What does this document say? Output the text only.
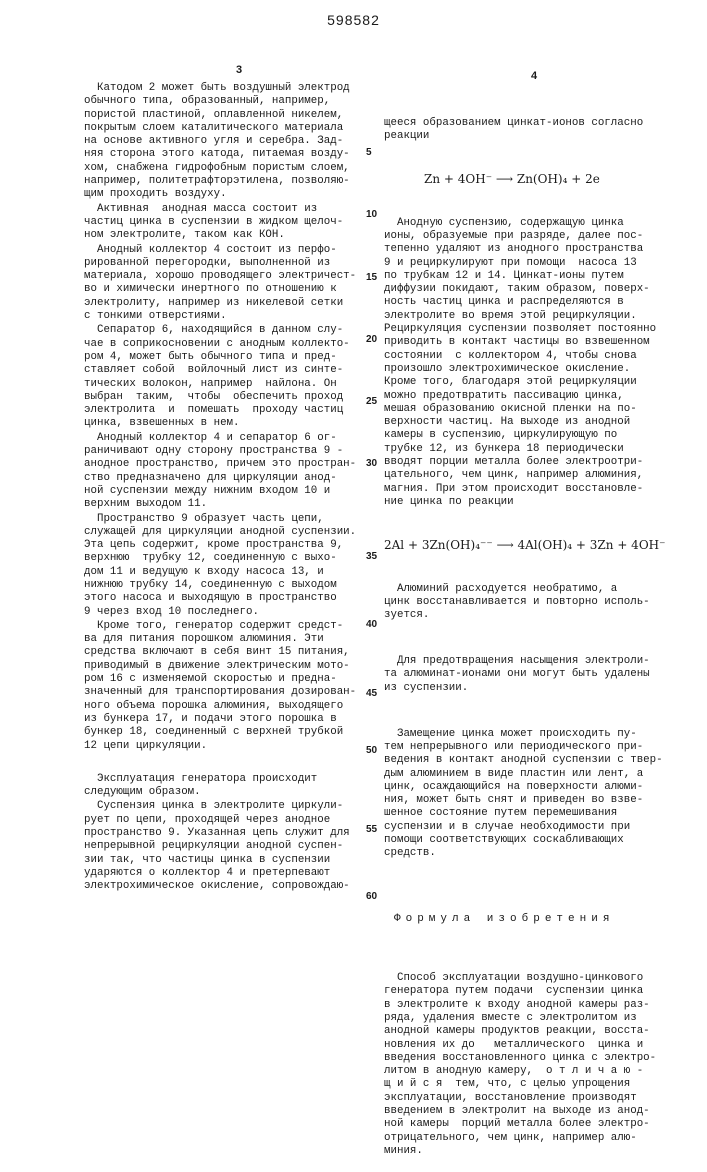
598582
3	4
5
10
15
20
25
30
35
40
45
50
55
60
Катодом 2 может быть воздушный электрод
обычного типа, образованный, например,
пористой пластиной, оплавленной никелем,
покрытым слоем каталитического материала
на основе активного угля и серебра. Зад-
няя сторона этого катода, питаемая возду-
хом, снабжена гидрофобным пористым слоем,
например, политетрафторэтилена, позволяю-
щим проходить воздуху.
Активная  анодная масса состоит из
частиц цинка в суспензии в жидком щелоч-
ном электролите, таком как КОН.
Анодный коллектор 4 состоит из перфо-
рированной перегородки, выполненной из
материала, хорошо проводящего электричест-
во и химически инертного по отношению к
электролиту, например из никелевой сетки
с тонкими отверстиями.
Сепаратор 6, находящийся в данном слу-
чае в соприкосновении с анодным коллекто-
ром 4, может быть обычного типа и пред-
ставляет собой  войлочный лист из синте-
тических волокон, например  найлона. Он
выбран  таким,  чтобы  обеспечить проход
электролита  и  помешать  проходу частиц
цинка, взвешенных в нем.
Анодный коллектор 4 и сепаратор 6 ог-
раничивают одну сторону пространства 9 -
анодное пространство, причем это простран-
ство предназначено для циркуляции анод-
ной суспензии между нижним входом 10 и
верхним выходом 11.
Пространство 9 образует часть цепи,
служащей для циркуляции анодной суспензии.
Эта цепь содержит, кроме пространства 9,
верхнюю  трубку 12, соединенную с выхо-
дом 11 и ведущую к входу насоса 13, и
нижнюю трубку 14, соединенную с выходом
этого насоса и выходящую в пространство
9 через вход 10 последнего.
Кроме того, генератор содержит средст-
ва для питания порошком алюминия. Эти
средства включают в себя винт 15 питания,
приводимый в движение электрическим мото-
ром 16 с изменяемой скоростью и предна-
значенный для транспортирования дозирован-
ного объема порошка алюминия, выходящего
из бункера 17, и подачи этого порошка в
бункер 18, соединенный с верхней трубкой
12 цепи циркуляции.
Эксплуатация генератора происходит
следующим образом.
Суспензия цинка в электролите циркули-
рует по цепи, проходящей через анодное
пространство 9. Указанная цепь служит для
непрерывной рециркуляции анодной суспен-
зии так, что частицы цинка в суспензии
ударяются о коллектор 4 и претерпевают
электрохимическое окисление, сопровождаю-

щееся образованием цинкат-ионов согласно
реакции

Zn + 4OH⁻ ⟶ Zn(OH)₄ + 2e

Анодную суспензию, содержащую цинка
ионы, образуемые при разряде, далее пос-
тепенно удаляют из анодного пространства
9 и рециркулируют при помощи  насоса 13
по трубкам 12 и 14. Цинкат-ионы путем
диффузии покидают, таким образом, поверх-
ность частиц цинка и распределяются в
электролите во время этой рециркуляции.
Рециркуляция суспензии позволяет постоянно
приводить в контакт частицы во взвешенном
состоянии  с коллектором 4, чтобы снова
произошло электрохимическое окисление.
Кроме того, благодаря этой рециркуляции
можно предотвратить пассивацию цинка,
мешая образованию окисной пленки на по-
верхности частиц. На выходе из анодной
камеры в суспензию, циркулирующую по
трубке 12, из бункера 18 периодически
вводят порции металла более электроотри-
цательного, чем цинк, например алюминия,
магния. При этом происходит восстановле-
ние цинка по реакции

2Al + 3Zn(OH)₄⁻⁻ ⟶ 4Al(OH)₄ + 3Zn + 4OH⁻

Алюминий расходуется необратимо, а
цинк восстанавливается и повторно исполь-
зуется.

Для предотвращения насыщения электроли-
та алюминат-ионами они могут быть удалены
из суспензии.

Замещение цинка может происходить пу-
тем непрерывного или периодического при-
ведения в контакт анодной суспензии с твер-
дым алюминием в виде пластин или лент, а
цинк, осаждающийся на поверхности алюми-
ния, может быть снят и приведен во взве-
шенное состояние путем перемешивания
суспензии и в случае необходимости при
помощи соответствующих соскабливающих
средств.

Формула изобретения

Способ эксплуатации воздушно-цинкового
генератора путем подачи  суспензии цинка
в электролите к входу анодной камеры раз-
ряда, удаления вместе с электролитом из
анодной камеры продуктов реакции, восста-
новления их до   металлического  цинка и
введения восстановленного цинка с электро-
литом в анодную камеру,  о т л и ч а ю -
щ и й с я  тем, что, с целью упрощения
эксплуатации, восстановление производят
введением в электролит на выходе из анод-
ной камеры  порций металла более электро-
отрицательного, чем цинк, например алю-
миния.
